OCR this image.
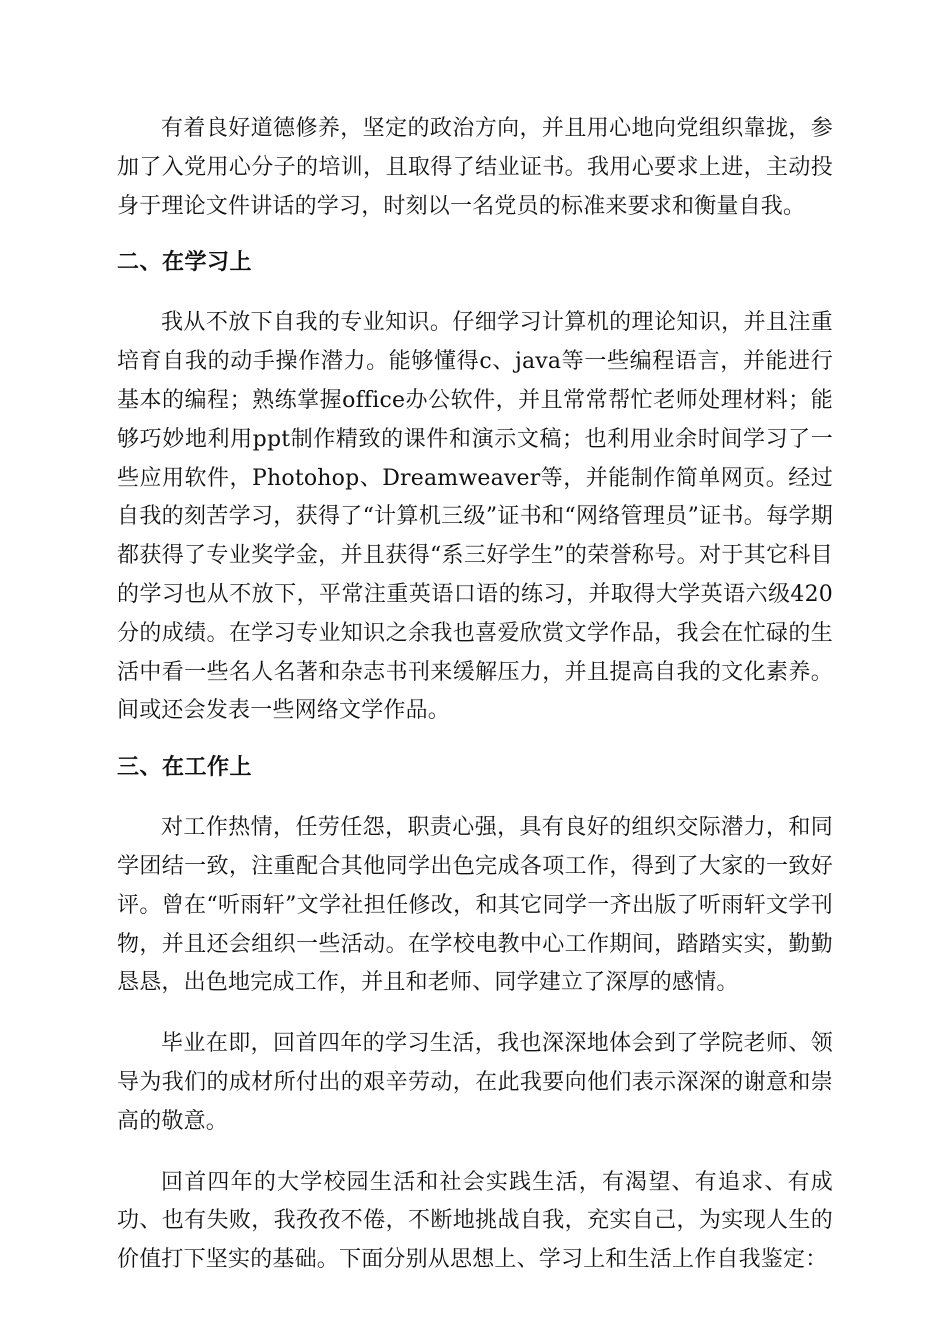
有着良好道德修养，坚定的政治方向，并且用心地向党组织靠拢，参加了入党用心分子的培训，且取得了结业证书。我用心要求上进，主动投身于理论文件讲话的学习，时刻以一名党员的标准来要求和衡量自我。

二、在学习上

我从不放下自我的专业知识。仔细学习计算机的理论知识，并且注重培育自我的动手操作潜力。能够懂得c、java等一些编程语言，并能进行基本的编程；熟练掌握office办公软件，并且常常帮忙老师处理材料；能够巧妙地利用ppt制作精致的课件和演示文稿；也利用业余时间学习了一些应用软件，Photohop、Dreamweaver等，并能制作简单网页。经过自我的刻苦学习，获得了“计算机三级”证书和“网络管理员”证书。每学期都获得了专业奖学金，并且获得“系三好学生”的荣誉称号。对于其它科目的学习也从不放下，平常注重英语口语的练习，并取得大学英语六级420分的成绩。在学习专业知识之余我也喜爱欣赏文学作品，我会在忙碌的生活中看一些名人名著和杂志书刊来缓解压力，并且提高自我的文化素养。间或还会发表一些网络文学作品。

三、在工作上

对工作热情，任劳任怨，职责心强，具有良好的组织交际潜力，和同学团结一致，注重配合其他同学出色完成各项工作，得到了大家的一致好评。曾在“听雨轩”文学社担任修改，和其它同学一齐出版了听雨轩文学刊物，并且还会组织一些活动。在学校电教中心工作期间，踏踏实实，勤勤恳恳，出色地完成工作，并且和老师、同学建立了深厚的感情。

毕业在即，回首四年的学习生活，我也深深地体会到了学院老师、领导为我们的成材所付出的艰辛劳动，在此我要向他们表示深深的谢意和崇高的敬意。

回首四年的大学校园生活和社会实践生活，有渴望、有追求、有成功、也有失败，我孜孜不倦，不断地挑战自我，充实自己，为实现人生的价值打下坚实的基础。下面分别从思想上、学习上和生活上作自我鉴定：
